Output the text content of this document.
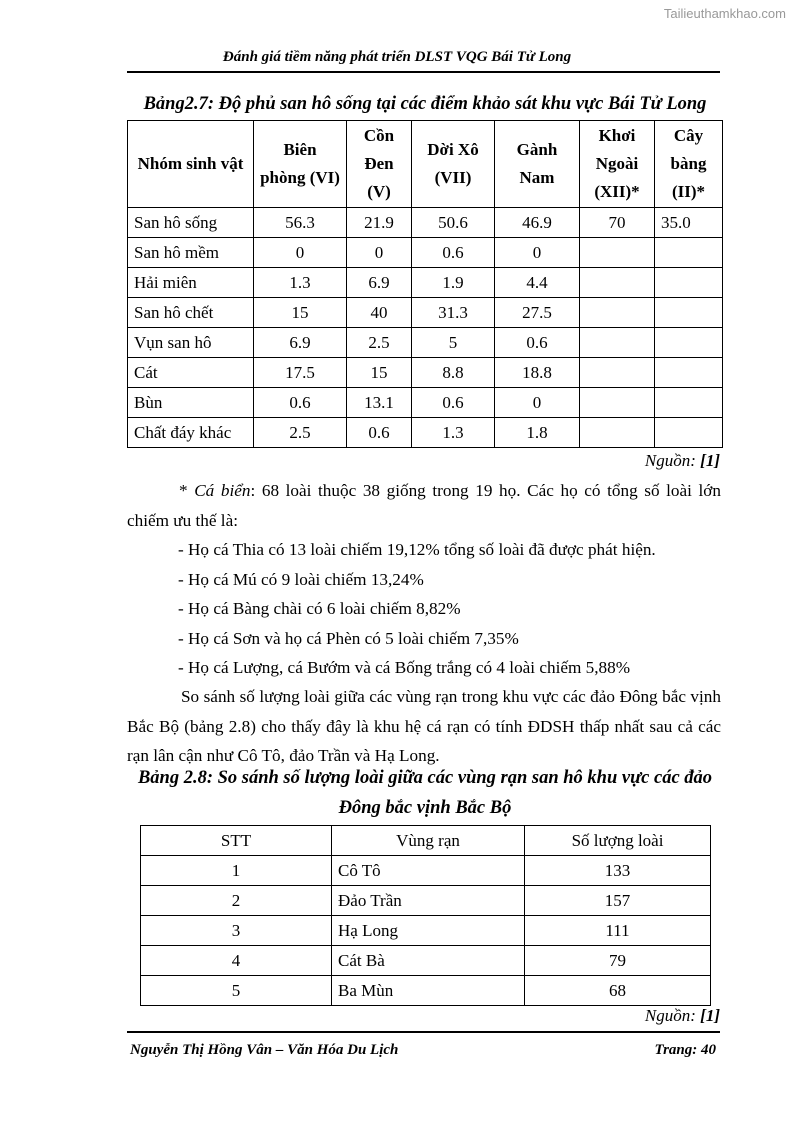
Tailieuthamkhao.com
Đánh giá tiềm năng phát triển DLST VQG Bái Tử Long
Bảng2.7: Độ phủ san hô sống tại các điểm khảo sát khu vực Bái Tử Long
Nhóm sinh vật	Biên phòng (VI)	Cồn Đen (V)	Dời Xô (VII)	Gành Nam	Khơi Ngoài (XII)*	Cây bàng (II)*
San hô sống	56.3	21.9	50.6	46.9	70	35.0
San hô mềm	0	0	0.6	0		
Hải miên	1.3	6.9	1.9	4.4		
San hô chết	15	40	31.3	27.5		
Vụn san hô	6.9	2.5	5	0.6		
Cát	17.5	15	8.8	18.8		
Bùn	0.6	13.1	0.6	0		
Chất đáy khác	2.5	0.6	1.3	1.8		
Nguồn: [1]
* Cá biển: 68 loài thuộc 38 giống trong 19 họ. Các họ có tổng số loài lớn chiếm ưu thế là:
- Họ cá Thia có 13 loài chiếm 19,12% tổng số loài đã được phát hiện.
- Họ cá Mú có 9 loài chiếm 13,24%
- Họ cá Bàng chài có 6 loài chiếm 8,82%
- Họ cá Sơn và họ cá Phèn có 5 loài chiếm 7,35%
- Họ cá Lượng, cá Bướm và cá Bống trắng có 4 loài chiếm 5,88%
So sánh số lượng loài giữa các vùng rạn trong khu vực các đảo Đông bắc vịnh Bắc Bộ (bảng 2.8) cho thấy đây là khu hệ cá rạn có tính ĐDSH thấp nhất sau cả các rạn lân cận như Cô Tô, đảo Trần và Hạ Long.
Bảng 2.8: So sánh số lượng loài giữa các vùng rạn san hô khu vực các đảo
Đông bắc vịnh Bắc Bộ
STT	Vùng rạn	Số lượng loài
1	Cô Tô	133
2	Đảo Trần	157
3	Hạ Long	111
4	Cát Bà	79
5	Ba Mùn	68
Nguồn: [1]
Nguyễn Thị Hồng Vân – Văn Hóa Du Lịch	Trang: 40
